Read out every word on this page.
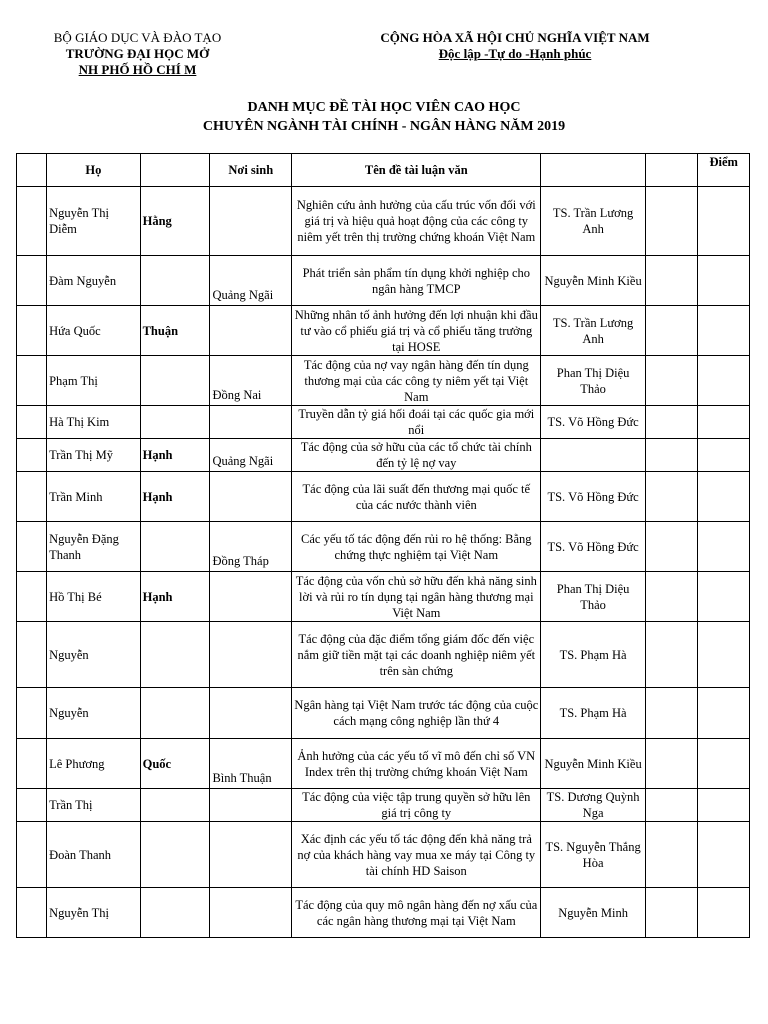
BỘ GIÁO DỤC VÀ ĐÀO TẠO
TRƯỜNG ĐẠI HỌC MỞ
NH PHỐ HỒ CHÍ M
CỘNG HÒA XÃ HỘI CHỦ NGHĨA VIỆT NAM
Độc lập -Tự do -Hạnh phúc
DANH MỤC ĐỀ TÀI HỌC VIÊN CAO HỌC
CHUYÊN NGÀNH TÀI CHÍNH - NGÂN HÀNG NĂM 2019
	Họ		Nơi sinh	Tên đề tài luận văn			Điểm
	Nguyễn Thị Diễm	Hằng		Nghiên cứu ảnh hưởng của cấu trúc vốn đối với giá trị và hiệu quả hoạt động của các công ty niêm yết trên thị trường chứng khoán Việt Nam	TS. Trần Lương Anh		
	Đàm Nguyễn		Quảng Ngãi	Phát triển sản phẩm tín dụng khởi nghiệp cho ngân hàng TMCP	Nguyễn Minh Kiều		
	Hứa Quốc	Thuận		Những nhân tố ảnh hưởng đến lợi nhuận khi đầu tư vào cổ phiếu giá trị và cổ phiếu tăng trưởng tại HOSE	TS. Trần Lương Anh		
	Phạm Thị		Đồng Nai	Tác động của nợ vay ngân hàng đến tín dụng thương mại của các công ty niêm yết tại Việt Nam	Phan Thị Diệu Thảo		
	Hà Thị Kim			Truyền dẫn tỷ giá hối đoái tại các quốc gia mới nổi	TS. Võ Hồng Đức		
	Trần Thị Mỹ	Hạnh	Quảng Ngãi	Tác động của sở hữu của các tổ chức tài chính đến tỷ lệ nợ vay			
	Trần Minh	Hạnh		Tác động của lãi suất đến thương mại quốc tế của các nước thành viên	TS. Võ Hồng Đức		
	Nguyễn Đặng Thanh		Đồng Tháp	Các yếu tố tác động đến rủi ro hệ thống: Bằng chứng thực nghiệm tại Việt Nam	TS. Võ Hồng Đức		
	Hồ Thị Bé	Hạnh		Tác động của vốn chủ sở hữu đến khả năng sinh lời và rủi ro tín dụng tại ngân hàng thương mại Việt Nam	Phan Thị Diệu Thảo		
	Nguyễn			Tác động của đặc điểm tổng giám đốc đến việc nắm giữ tiền mặt tại các doanh nghiệp niêm yết trên sàn chứng	TS. Phạm Hà		
	Nguyễn			Ngân hàng tại Việt Nam trước tác động của cuộc cách mạng công nghiệp lần thứ 4	TS. Phạm Hà		
	Lê Phương	Quốc	Bình Thuận	Ảnh hưởng của các yếu tố vĩ mô đến chỉ số VN Index trên thị trường chứng khoán Việt Nam	Nguyễn Minh Kiều		
	Trần Thị			Tác động của việc tập trung quyền sở hữu lên giá trị công ty	TS. Dương Quỳnh Nga		
	Đoàn Thanh			Xác định các yếu tố tác động đến khả năng trả nợ của khách hàng vay mua xe máy tại Công ty tài chính HD Saison	TS. Nguyễn Thắng Hòa		
	Nguyễn Thị			Tác động của quy mô ngân hàng đến nợ xấu của các ngân hàng thương mại tại Việt Nam	Nguyễn Minh		
